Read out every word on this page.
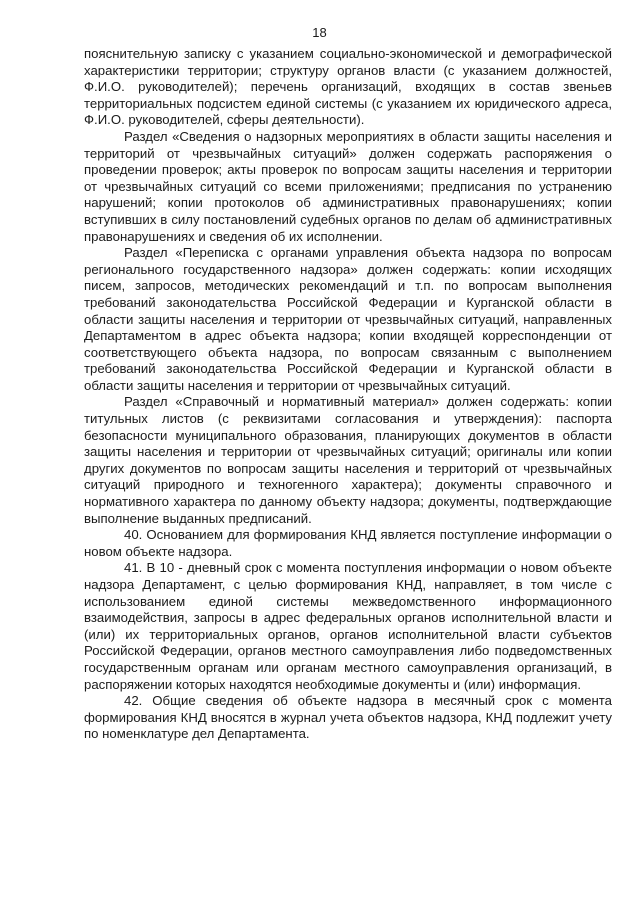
18

пояснительную записку с указанием социально-экономической и демографической характеристики территории; структуру органов власти (с указанием должностей, Ф.И.О. руководителей); перечень организаций, входящих в состав звеньев территориальных подсистем единой системы (с указанием их юридического адреса, Ф.И.О. руководителей, сферы деятельности).

Раздел «Сведения о надзорных мероприятиях в области защиты населения и территорий от чрезвычайных ситуаций» должен содержать распоряжения о проведении проверок; акты проверок по вопросам защиты населения и территории от чрезвычайных ситуаций со всеми приложениями; предписания по устранению нарушений; копии протоколов об административных правонарушениях; копии вступивших в силу постановлений судебных органов по делам об административных правонарушениях и сведения об их исполнении.

Раздел «Переписка с органами управления объекта надзора по вопросам регионального государственного надзора» должен содержать: копии исходящих писем, запросов, методических рекомендаций и т.п. по вопросам выполнения требований законодательства Российской Федерации и Курганской области в области защиты населения и территории от чрезвычайных ситуаций, направленных Департаментом в адрес объекта надзора; копии входящей корреспонденции от соответствующего объекта надзора, по вопросам связанным с выполнением требований законодательства Российской Федерации и Курганской области в области защиты населения и территории от чрезвычайных ситуаций.

Раздел «Справочный и нормативный материал» должен содержать: копии титульных листов (с реквизитами согласования и утверждения): паспорта безопасности муниципального образования, планирующих документов в области защиты населения и территории от чрезвычайных ситуаций; оригиналы или копии других документов по вопросам защиты населения и территорий от чрезвычайных ситуаций природного и техногенного характера); документы справочного и нормативного характера по данному объекту надзора; документы, подтверждающие выполнение выданных предписаний.

40. Основанием для формирования КНД является поступление информации о новом объекте надзора.

41. В 10 - дневный срок с момента поступления информации о новом объекте надзора Департамент, с целью формирования КНД, направляет, в том числе с использованием единой системы межведомственного информационного взаимодействия, запросы в адрес федеральных органов исполнительной власти и (или) их территориальных органов, органов исполнительной власти субъектов Российской Федерации, органов местного самоуправления либо подведомственных государственным органам или органам местного самоуправления организаций, в распоряжении которых находятся необходимые документы и (или) информация.

42. Общие сведения об объекте надзора в месячный срок с момента формирования КНД вносятся в журнал учета объектов надзора, КНД подлежит учету по номенклатуре дел Департамента.
